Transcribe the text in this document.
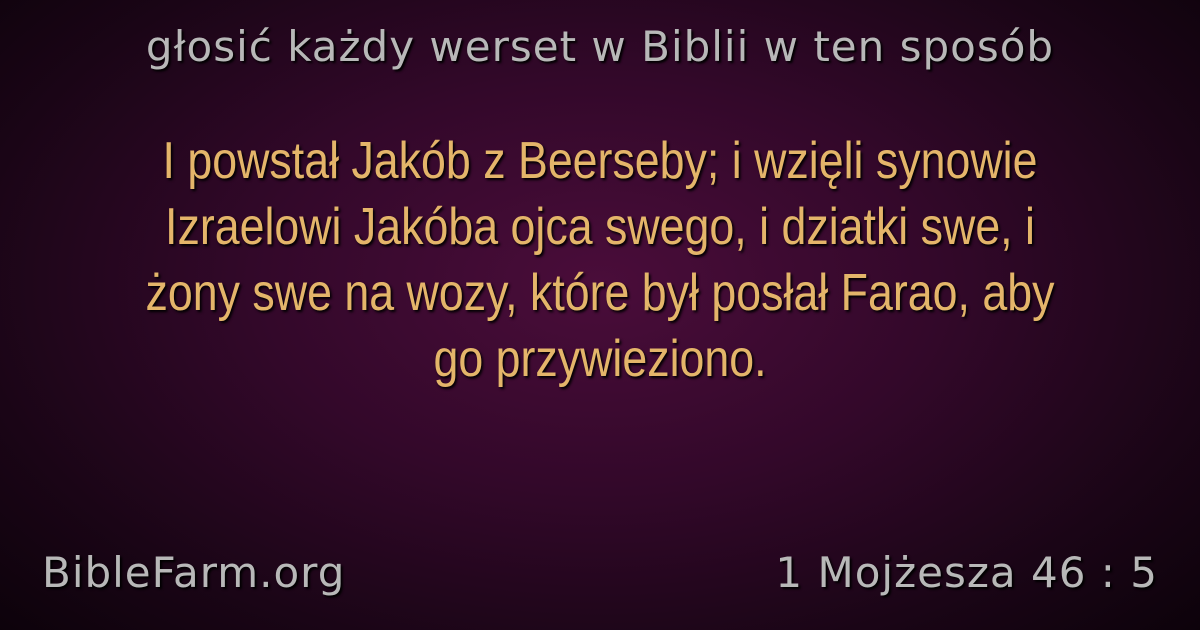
głosić każdy werset w Biblii w ten sposób
I powstał Jakób z Beerseby; i wzięli synowie Izraelowi Jakóba ojca swego, i dziatki swe, i żony swe na wozy, które był posłał Farao, aby go przywieziono.
BibleFarm.org	1 Mojżesza 46 : 5
